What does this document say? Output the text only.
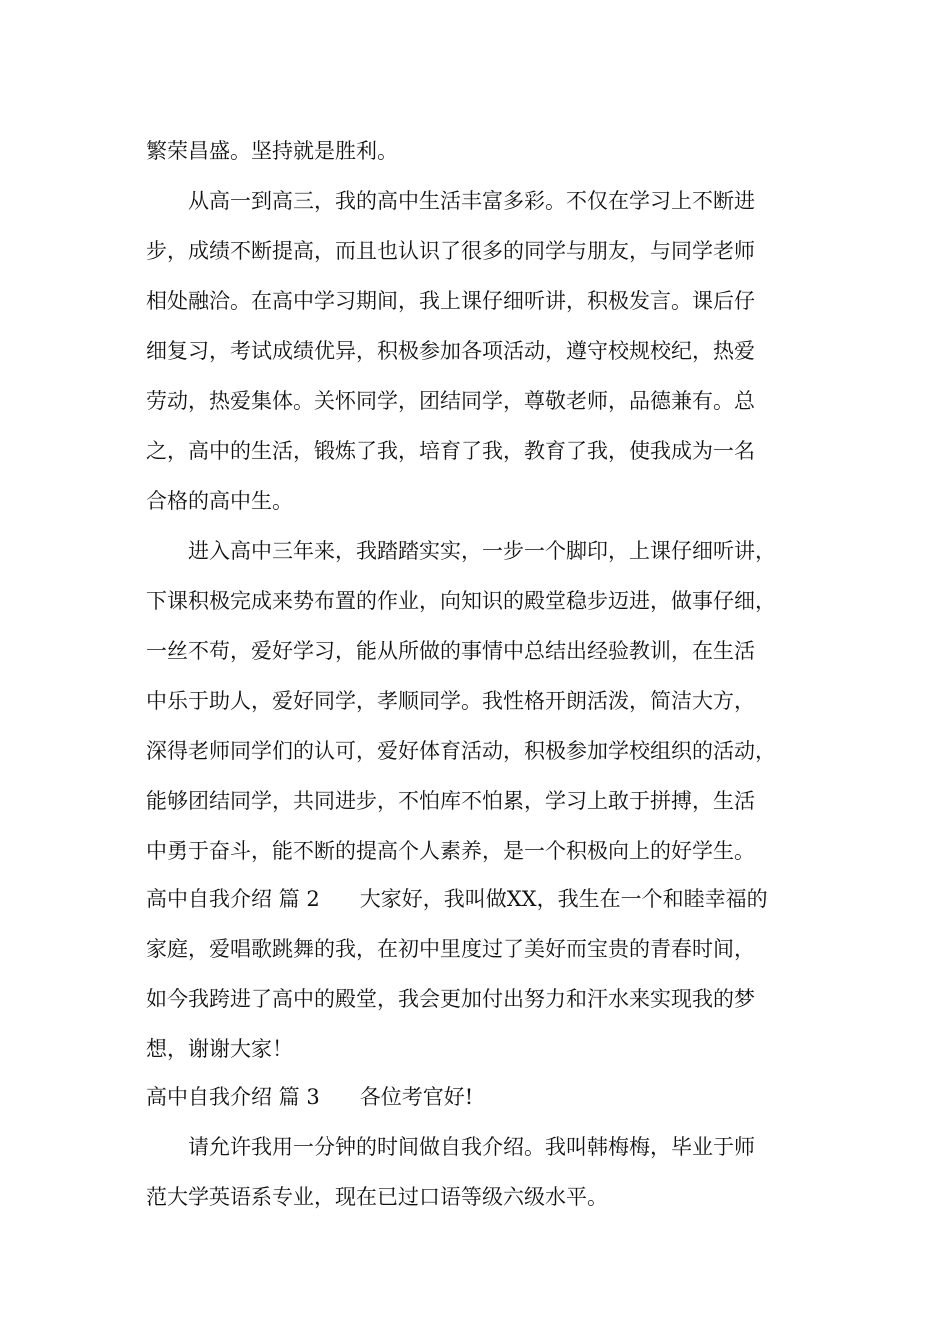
繁荣昌盛。坚持就是胜利。

从高一到高三，我的高中生活丰富多彩。不仅在学习上不断进

步，成绩不断提高，而且也认识了很多的同学与朋友，与同学老师

相处融洽。在高中学习期间，我上课仔细听讲，积极发言。课后仔

细复习，考试成绩优异，积极参加各项活动，遵守校规校纪，热爱

劳动，热爱集体。关怀同学，团结同学，尊敬老师，品德兼有。总

之，高中的生活，锻炼了我，培育了我，教育了我，使我成为一名

合格的高中生。

进入高中三年来，我踏踏实实，一步一个脚印，上课仔细听讲，

下课积极完成来势布置的作业，向知识的殿堂稳步迈进，做事仔细，

一丝不苟，爱好学习，能从所做的事情中总结出经验教训，在生活

中乐于助人，爱好同学，孝顺同学。我性格开朗活泼，简洁大方，

深得老师同学们的认可，爱好体育活动，积极参加学校组织的活动，

能够团结同学，共同进步，不怕库不怕累，学习上敢于拼搏，生活

中勇于奋斗，能不断的提高个人素养，是一个积极向上的好学生。

高中自我介绍 篇 2 大家好，我叫做XX，我生在一个和睦幸福的

家庭，爱唱歌跳舞的我，在初中里度过了美好而宝贵的青春时间，

如今我跨进了高中的殿堂，我会更加付出努力和汗水来实现我的梦

想，谢谢大家！

高中自我介绍 篇 3 各位考官好!

请允许我用一分钟的时间做自我介绍。我叫韩梅梅，毕业于师

范大学英语系专业，现在已过口语等级六级水平。
